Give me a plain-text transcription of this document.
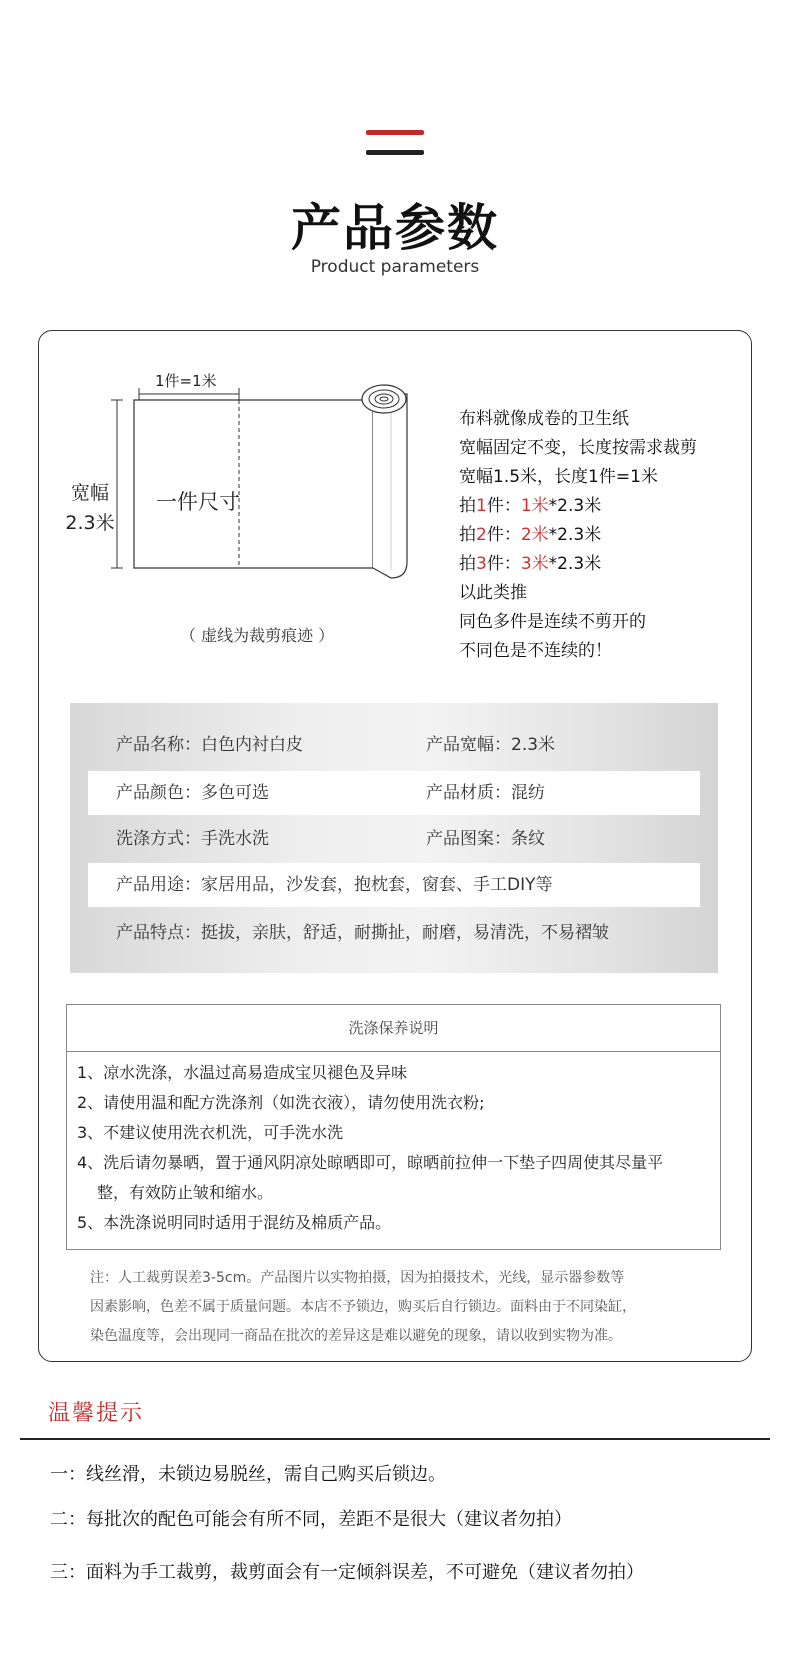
产品参数
Product parameters
1件=1米
宽幅
2.3米
一件尺寸
（ 虚线为裁剪痕迹 ）
布料就像成卷的卫生纸
宽幅固定不变，长度按需求裁剪
宽幅1.5米，长度1件=1米
拍1件：1米*2.3米
拍2件：2米*2.3米
拍3件：3米*2.3米
以此类推
同色多件是连续不剪开的
不同色是不连续的！
产品名称：白色内衬白皮	产品宽幅：2.3米
产品颜色：多色可选	产品材质：混纺
洗涤方式：手洗水洗	产品图案：条纹
产品用途：家居用品，沙发套，抱枕套，窗套、手工DIY等
产品特点：挺拔，亲肤，舒适，耐撕扯，耐磨，易清洗，不易褶皱
洗涤保养说明
1、凉水洗涤，水温过高易造成宝贝褪色及异味
2、请使用温和配方洗涤剂（如洗衣液），请勿使用洗衣粉;
3、不建议使用洗衣机洗，可手洗水洗
4、洗后请勿暴晒，置于通风阴凉处晾晒即可，晾晒前拉伸一下垫子四周使其尽量平
整，有效防止皱和缩水。
5、本洗涤说明同时适用于混纺及棉质产品。
注：人工裁剪误差3-5cm。产品图片以实物拍摄，因为拍摄技术，光线，显示器参数等
因素影响，色差不属于质量问题。本店不予锁边，购买后自行锁边。面料由于不同染缸，
染色温度等，会出现同一商品在批次的差异这是难以避免的现象，请以收到实物为准。
温馨提示
一：线丝滑，未锁边易脱丝，需自己购买后锁边。
二：每批次的配色可能会有所不同，差距不是很大（建议者勿拍）
三：面料为手工裁剪，裁剪面会有一定倾斜误差，不可避免（建议者勿拍）
